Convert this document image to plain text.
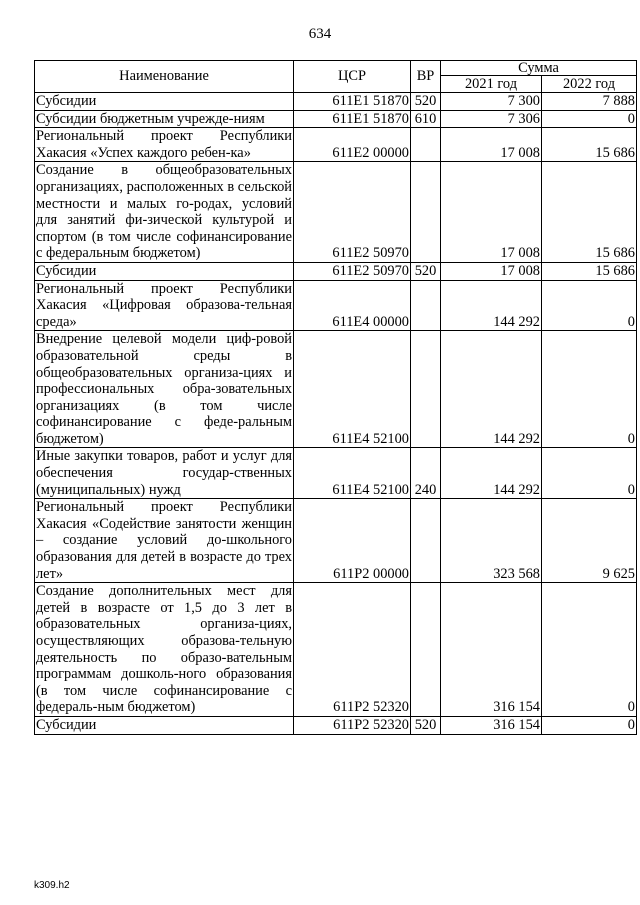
634
Наименование	ЦСР	ВР	Сумма	
			2021 год	2022 год
Субсидии	611E1 51870	520	7 300	7 888
Субсидии бюджетным учрежде-ниям	611E1 51870	610	7 306	0
Региональный проект Республики Хакасия «Успех каждого ребен-ка»	611E2 00000		17 008	15 686
Создание в общеобразовательных организациях, расположенных в сельской местности и малых го-родах, условий для занятий фи-зической культурой и спортом (в том числе софинансирование с федеральным бюджетом)	611E2 50970		17 008	15 686
Субсидии	611E2 50970	520	17 008	15 686
Региональный проект Республики Хакасия «Цифровая образова-тельная среда»	611E4 00000		144 292	0
Внедрение целевой модели циф-ровой образовательной среды в общеобразовательных организа-циях и профессиональных обра-зовательных организациях (в том числе софинансирование с феде-ральным бюджетом)	611E4 52100		144 292	0
Иные закупки товаров, работ и услуг для обеспечения государ-ственных (муниципальных) нужд	611E4 52100	240	144 292	0
Региональный проект Республики Хакасия «Содействие занятости женщин – создание условий до-школьного образования для детей в возрасте до трех лет»	611P2 00000		323 568	9 625
Создание дополнительных мест для детей в возрасте от 1,5 до 3 лет в образовательных организа-циях, осуществляющих образова-тельную деятельность по образо-вательным программам дошколь-ного образования (в том числе софинансирование с федераль-ным бюджетом)	611P2 52320		316 154	0
Субсидии	611P2 52320	520	316 154	0
k309.h2
